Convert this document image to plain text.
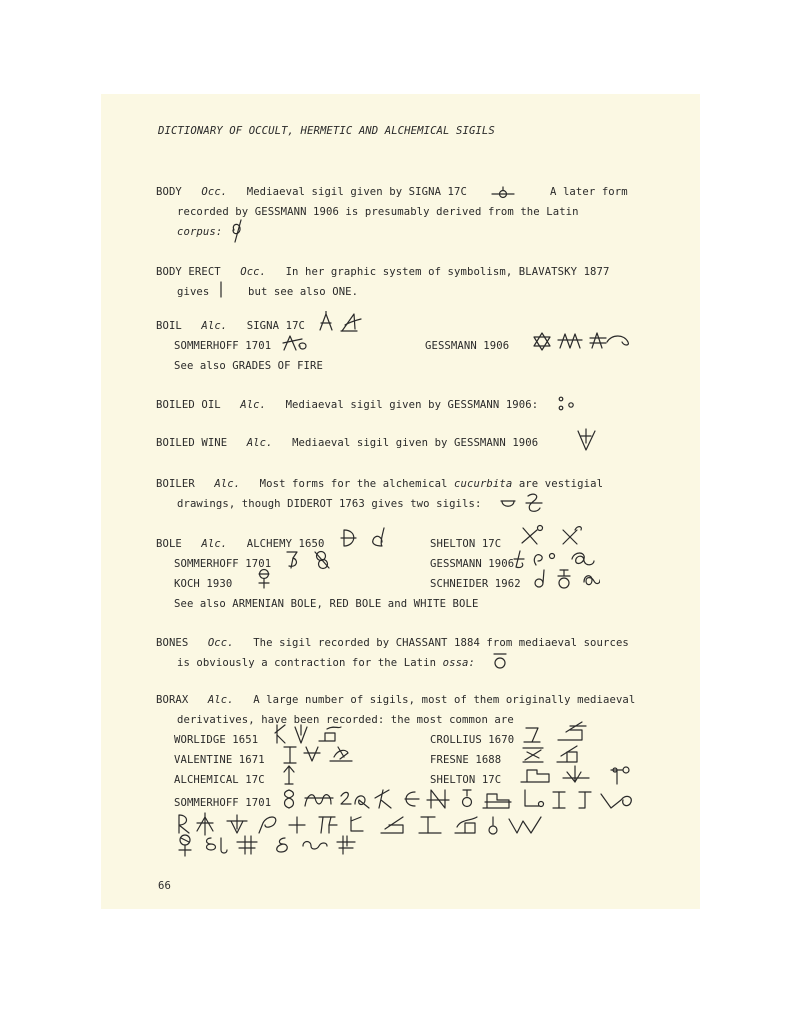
DICTIONARY OF OCCULT, HERMETIC AND ALCHEMICAL SIGILS
BODY Occ. Mediaeval sigil given by SIGNA 17C	A later form
recorded by GESSMANN 1906 is presumably derived from the Latin
corpus:
BODY ERECT Occ. In her graphic system of symbolism, BLAVATSKY 1877
gives	but see also ONE.
BOIL Alc. SIGNA 17C
SOMMERHOFF 1701	GESSMANN 1906
See also GRADES OF FIRE
BOILED OIL Alc. Mediaeval sigil given by GESSMANN 1906:
BOILED WINE Alc. Mediaeval sigil given by GESSMANN 1906
BOILER Alc. Most forms for the alchemical cucurbita are vestigial
drawings, though DIDEROT 1763 gives two sigils:
BOLE Alc. ALCHEMY 1650	SHELTON 17C
SOMMERHOFF 1701	GESSMANN 1906
KOCH 1930	SCHNEIDER 1962
See also ARMENIAN BOLE, RED BOLE and WHITE BOLE
BONES Occ. The sigil recorded by CHASSANT 1884 from mediaeval sources
is obviously a contraction for the Latin ossa:
BORAX Alc. A large number of sigils, most of them originally mediaeval
derivatives, have been recorded: the most common are
WORLIDGE 1651	CROLLIUS 1670
VALENTINE 1671	FRESNE 1688
ALCHEMICAL 17C	SHELTON 17C
SOMMERHOFF 1701
66
